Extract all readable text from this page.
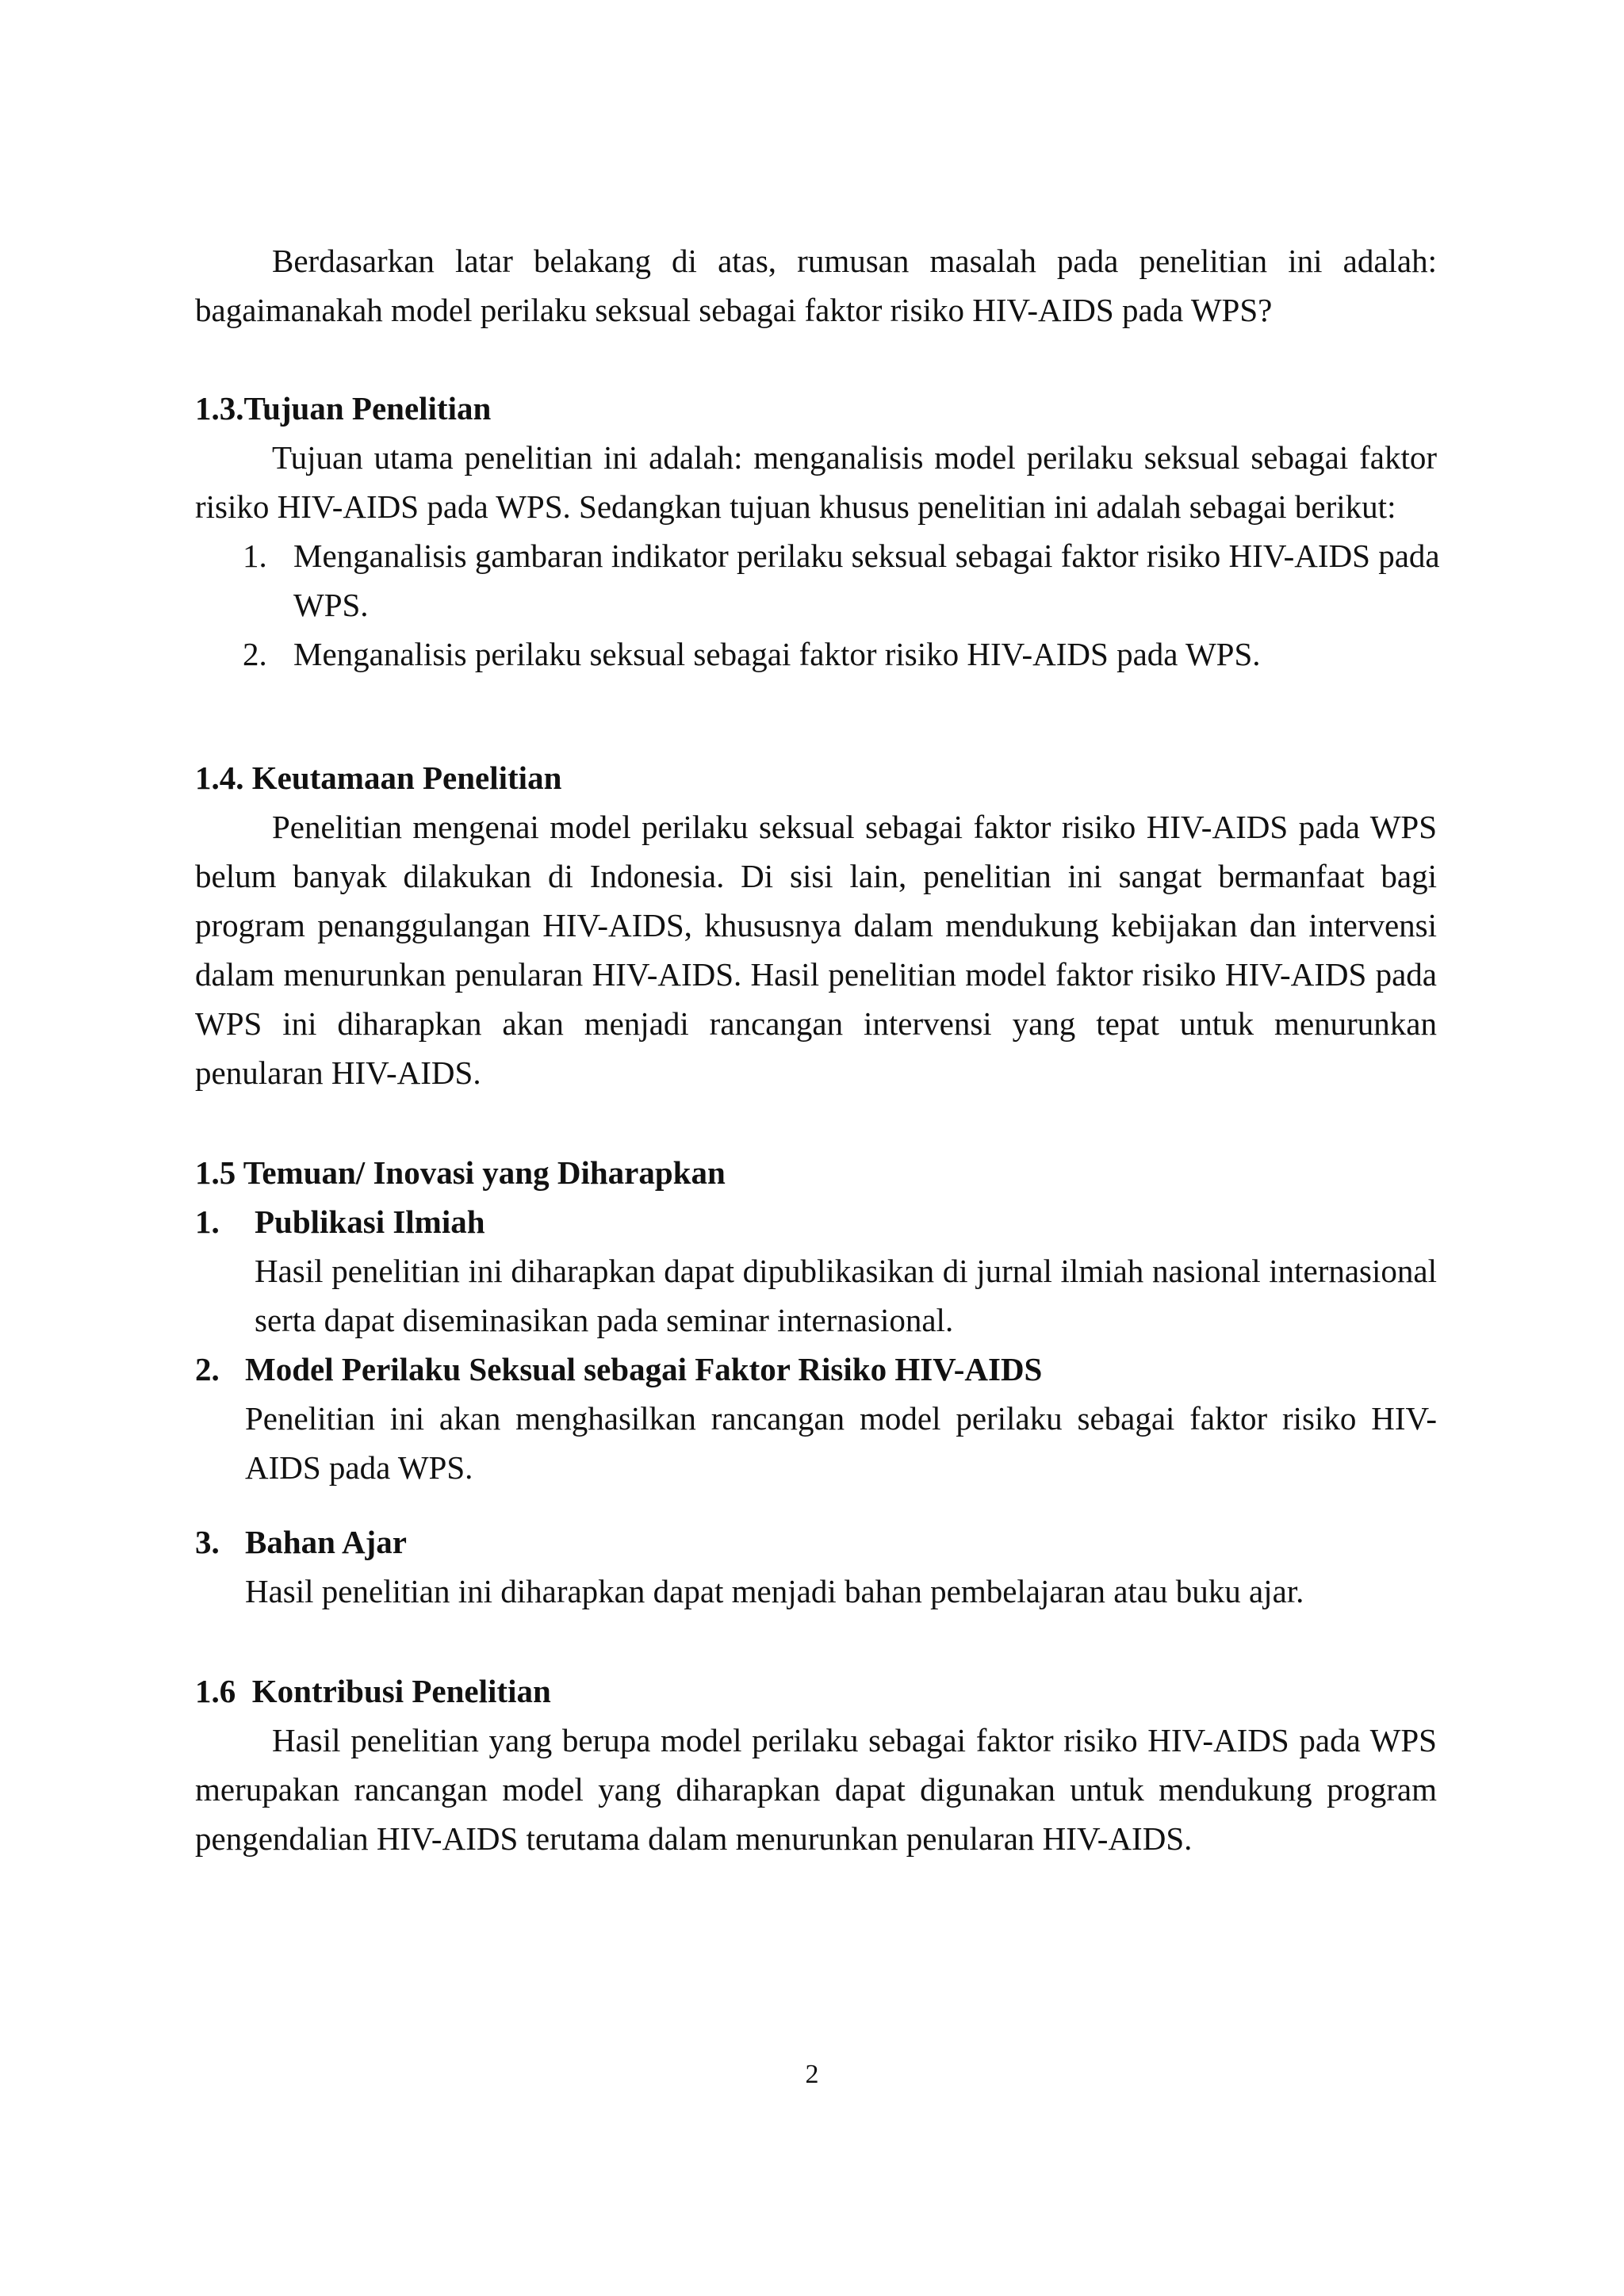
Berdasarkan latar belakang di atas, rumusan masalah pada penelitian ini adalah:
bagaimanakah model perilaku seksual sebagai faktor risiko HIV-AIDS pada WPS?
1.3.Tujuan Penelitian
Tujuan utama penelitian ini adalah: menganalisis model perilaku seksual sebagai faktor
risiko HIV-AIDS pada WPS. Sedangkan tujuan khusus penelitian ini adalah sebagai berikut:
1. Menganalisis gambaran indikator perilaku seksual sebagai faktor risiko HIV-AIDS pada
WPS.
2. Menganalisis perilaku seksual sebagai faktor risiko HIV-AIDS pada WPS.
1.4. Keutamaan Penelitian
Penelitian mengenai model perilaku seksual sebagai faktor risiko HIV-AIDS pada WPS
belum banyak dilakukan di Indonesia. Di sisi lain, penelitian ini sangat bermanfaat bagi
program penanggulangan HIV-AIDS, khususnya dalam mendukung kebijakan dan intervensi
dalam menurunkan penularan HIV-AIDS. Hasil penelitian model faktor risiko HIV-AIDS pada
WPS ini diharapkan akan menjadi rancangan intervensi yang tepat untuk menurunkan
penularan HIV-AIDS.
1.5 Temuan/ Inovasi yang Diharapkan
1.	Publikasi Ilmiah
Hasil penelitian ini diharapkan dapat dipublikasikan di jurnal ilmiah nasional internasional
serta dapat diseminasikan pada seminar internasional.
2. Model Perilaku Seksual sebagai Faktor Risiko HIV-AIDS
Penelitian ini akan menghasilkan rancangan model perilaku sebagai faktor risiko HIV-
AIDS pada WPS.
3. Bahan Ajar
Hasil penelitian ini diharapkan dapat menjadi bahan pembelajaran atau buku ajar.
1.6  Kontribusi Penelitian
Hasil penelitian yang berupa model perilaku sebagai faktor risiko HIV-AIDS pada WPS
merupakan rancangan model yang diharapkan dapat digunakan untuk mendukung program
pengendalian HIV-AIDS terutama dalam menurunkan penularan HIV-AIDS.
2
